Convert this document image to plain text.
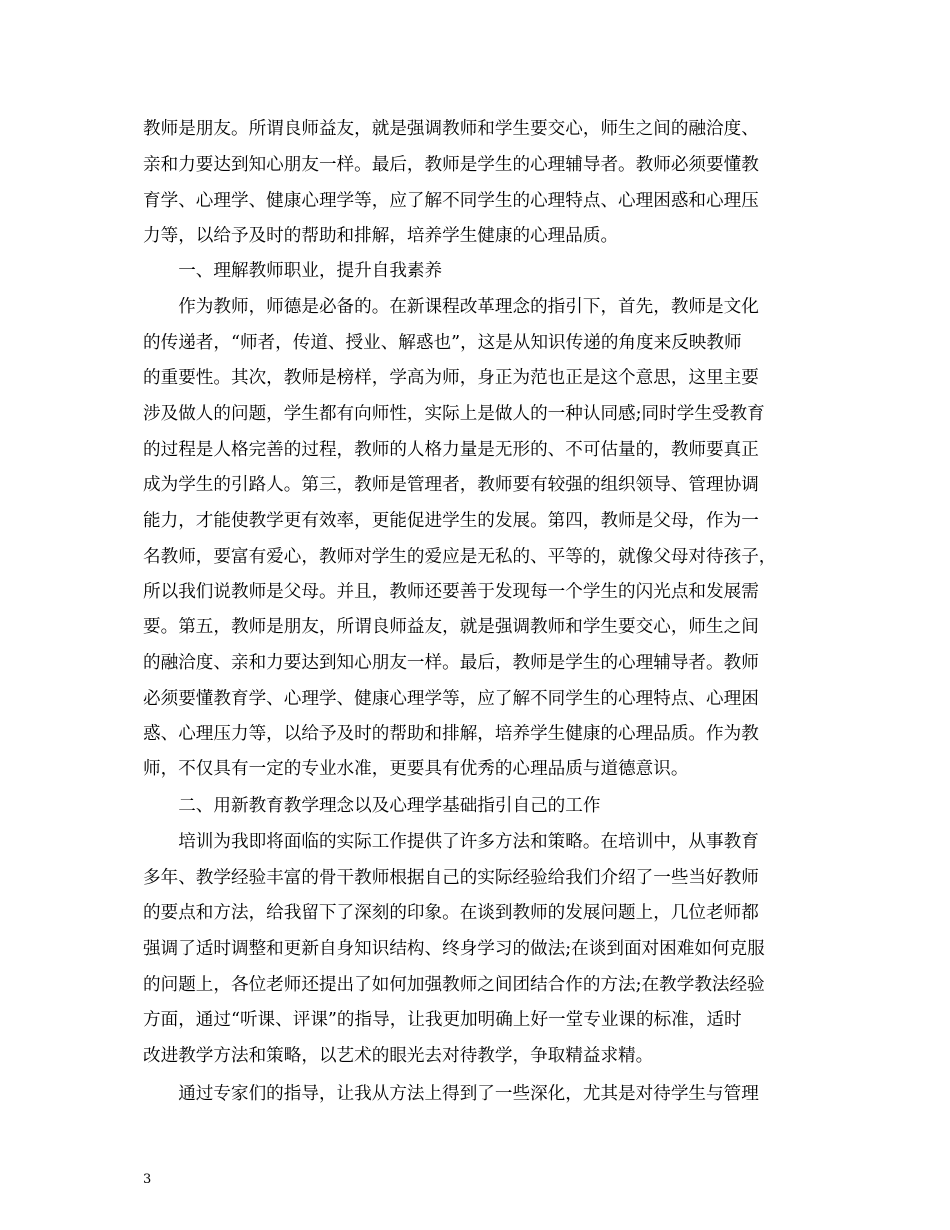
教师是朋友。所谓良师益友，就是强调教师和学生要交心，师生之间的融洽度、
亲和力要达到知心朋友一样。最后，教师是学生的心理辅导者。教师必须要懂教
育学、心理学、健康心理学等，应了解不同学生的心理特点、心理困惑和心理压
力等，以给予及时的帮助和排解，培养学生健康的心理品质。
　　一、理解教师职业，提升自我素养
　　作为教师，师德是必备的。在新课程改革理念的指引下，首先，教师是文化
的传递者，“师者，传道、授业、解惑也”，这是从知识传递的角度来反映教师
的重要性。其次，教师是榜样，学高为师，身正为范也正是这个意思，这里主要
涉及做人的问题，学生都有向师性，实际上是做人的一种认同感;同时学生受教育
的过程是人格完善的过程，教师的人格力量是无形的、不可估量的，教师要真正
成为学生的引路人。第三，教师是管理者，教师要有较强的组织领导、管理协调
能力，才能使教学更有效率，更能促进学生的发展。第四，教师是父母，作为一
名教师，要富有爱心，教师对学生的爱应是无私的、平等的，就像父母对待孩子，
所以我们说教师是父母。并且，教师还要善于发现每一个学生的闪光点和发展需
要。第五，教师是朋友，所谓良师益友，就是强调教师和学生要交心，师生之间
的融洽度、亲和力要达到知心朋友一样。最后，教师是学生的心理辅导者。教师
必须要懂教育学、心理学、健康心理学等，应了解不同学生的心理特点、心理困
惑、心理压力等，以给予及时的帮助和排解，培养学生健康的心理品质。作为教
师，不仅具有一定的专业水准，更要具有优秀的心理品质与道德意识。
　　二、用新教育教学理念以及心理学基础指引自己的工作
　　培训为我即将面临的实际工作提供了许多方法和策略。在培训中，从事教育
多年、教学经验丰富的骨干教师根据自己的实际经验给我们介绍了一些当好教师
的要点和方法，给我留下了深刻的印象。在谈到教师的发展问题上，几位老师都
强调了适时调整和更新自身知识结构、终身学习的做法;在谈到面对困难如何克服
的问题上，各位老师还提出了如何加强教师之间团结合作的方法;在教学教法经验
方面，通过“听课、评课”的指导，让我更加明确上好一堂专业课的标准，适时
改进教学方法和策略，以艺术的眼光去对待教学，争取精益求精。
　　通过专家们的指导，让我从方法上得到了一些深化，尤其是对待学生与管理
3
